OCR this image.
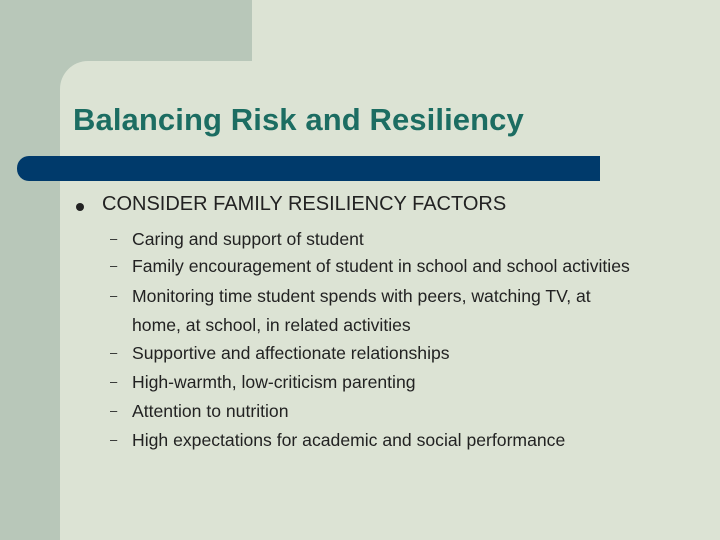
Balancing Risk and Resiliency

CONSIDER FAMILY RESILIENCY FACTORS

– Caring and support of student
– Family encouragement of student in school and school activities
– Monitoring time student spends with peers, watching TV, at home, at school, in related activities
– Supportive and affectionate relationships
– High-warmth, low-criticism parenting
– Attention to nutrition
– High expectations for academic and social performance
